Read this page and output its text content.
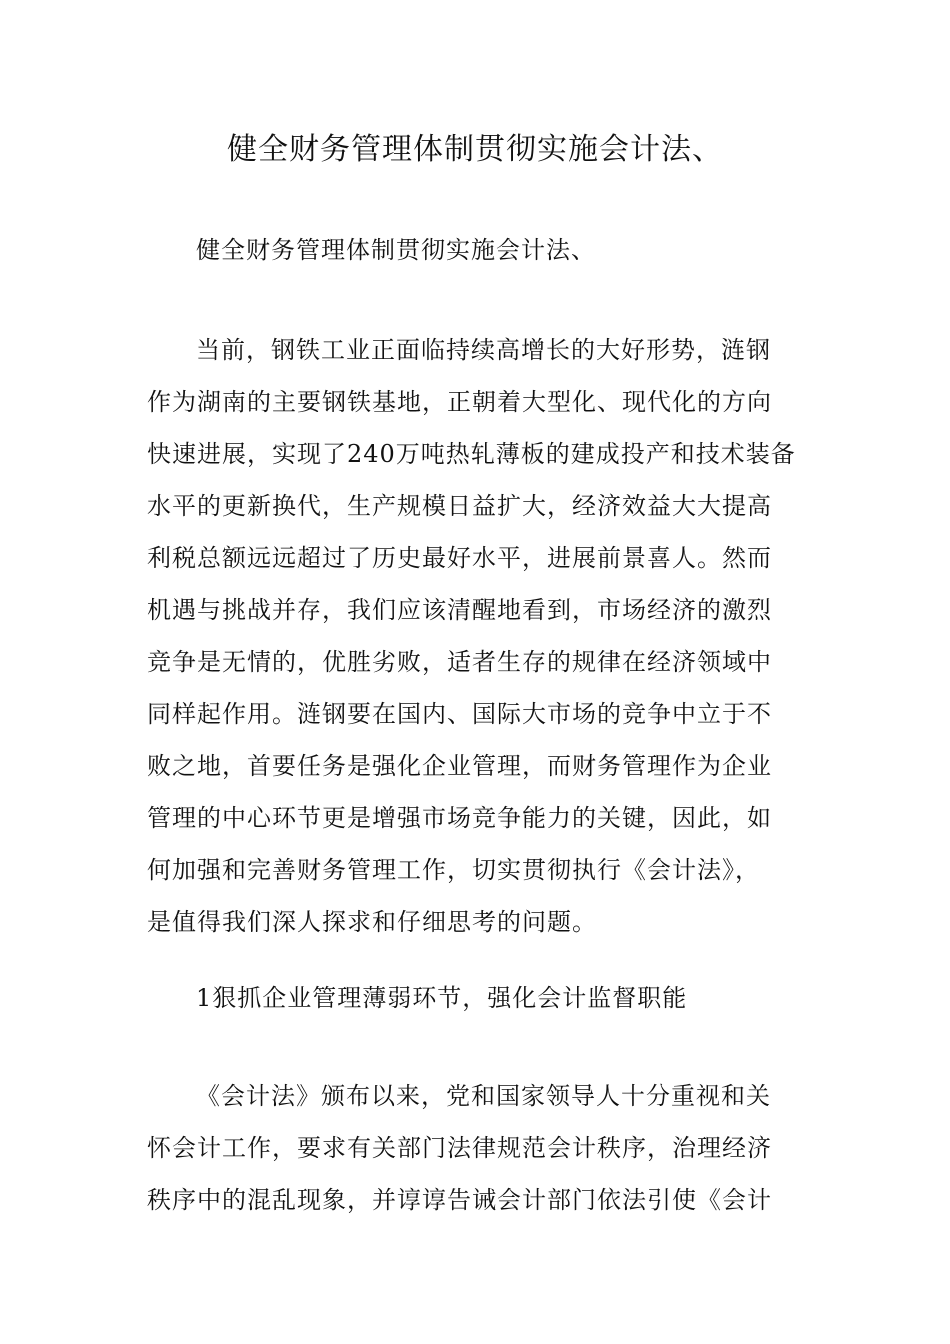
健全财务管理体制贯彻实施会计法、
健全财务管理体制贯彻实施会计法、
当前，钢铁工业正面临持续高增长的大好形势，涟钢
作为湖南的主要钢铁基地，正朝着大型化、现代化的方向
快速进展，实现了240万吨热轧薄板的建成投产和技术装备
水平的更新换代，生产规模日益扩大，经济效益大大提高
利税总额远远超过了历史最好水平，进展前景喜人。然而
机遇与挑战并存，我们应该清醒地看到，市场经济的激烈
竞争是无情的，优胜劣败，适者生存的规律在经济领域中
同样起作用。涟钢要在国内、国际大市场的竞争中立于不
败之地，首要任务是强化企业管理，而财务管理作为企业
管理的中心环节更是增强市场竞争能力的关键，因此，如
何加强和完善财务管理工作，切实贯彻执行《会计法》，
是值得我们深人探求和仔细思考的问题。
1狠抓企业管理薄弱环节，强化会计监督职能
《会计法》颁布以来，党和国家领导人十分重视和关
怀会计工作，要求有关部门法律规范会计秩序，治理经济
秩序中的混乱现象，并谆谆告诫会计部门依法引使《会计
